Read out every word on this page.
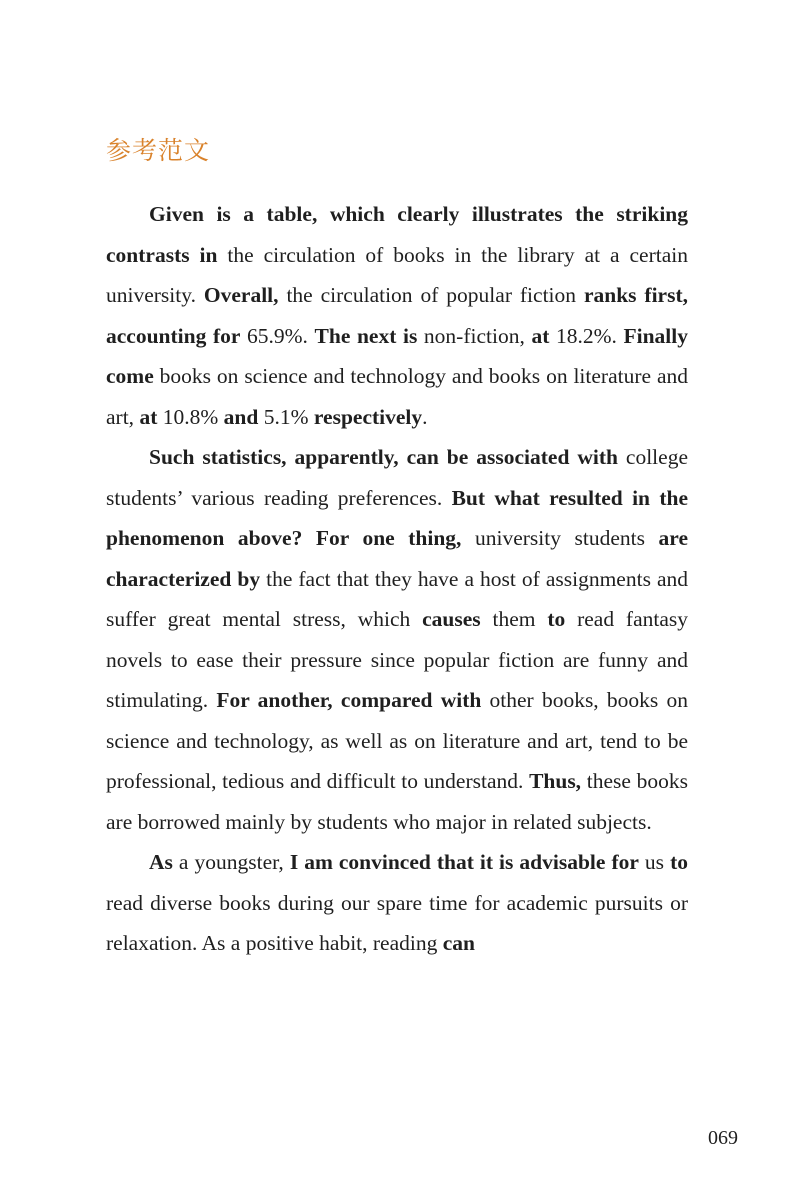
参考范文

Given is a table, which clearly illustrates the striking contrasts in the circulation of books in the library at a certain university. Overall, the circulation of popular fiction ranks first, accounting for 65.9%. The next is non-fiction, at 18.2%. Finally come books on science and technology and books on literature and art, at 10.8% and 5.1% respectively.

Such statistics, apparently, can be associated with college students’ various reading preferences. But what resulted in the phenomenon above? For one thing, university students are characterized by the fact that they have a host of assignments and suffer great mental stress, which causes them to read fantasy novels to ease their pressure since popular fiction are funny and stimulating. For another, compared with other books, books on science and technology, as well as on literature and art, tend to be professional, tedious and difficult to understand. Thus, these books are borrowed mainly by students who major in related subjects.

As a youngster, I am convinced that it is advisable for us to read diverse books during our spare time for academic pursuits or relaxation. As a positive habit, reading can

069
